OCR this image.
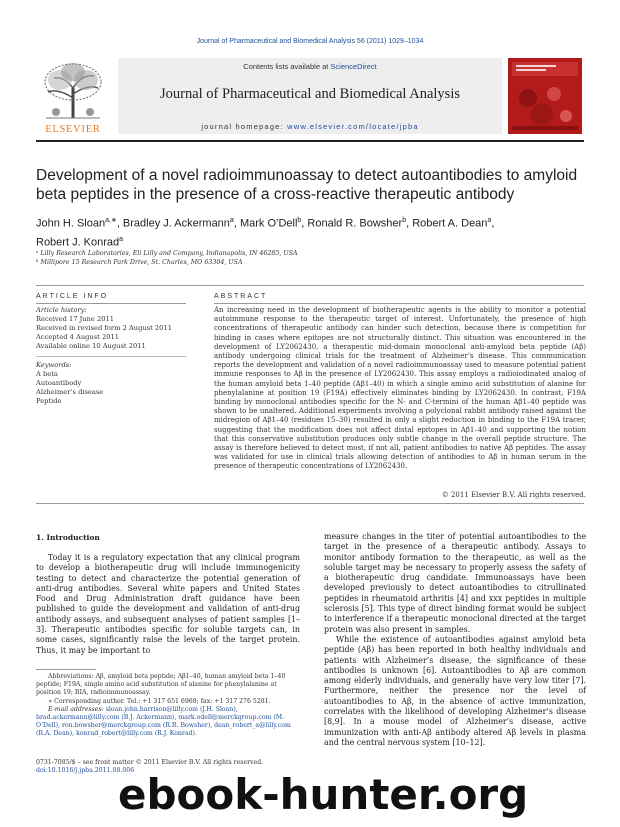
Journal of Pharmaceutical and Biomedical Analysis 56 (2011) 1029–1034
ELSEVIER
Contents lists available at ScienceDirect
Journal of Pharmaceutical and Biomedical Analysis
journal homepage: www.elsevier.com/locate/jpba
Development of a novel radioimmunoassay to detect autoantibodies to amyloid beta peptides in the presence of a cross-reactive therapeutic antibody
John H. Sloan$^{a,∗}$, Bradley J. Ackermann$^a$, Mark O’Dell$^b$, Ronald R. Bowsher$^b$, Robert A. Dean$^a$,
Robert J. Konrad$^a$
ᵃ Lilly Research Laboratories, Eli Lilly and Company, Indianapolis, IN 46285, USA
ᵇ Millipore 15 Research Park Drive, St. Charles, MO 63304, USA
ARTICLE INFO	ABSTRACT
Article history:
Received 17 June 2011
Received in revised form 2 August 2011
Accepted 4 August 2011
Available online 10 August 2011
Keywords:
A beta
Autoantibody
Alzheimer’s disease
Peptide
An increasing need in the development of biotherapeutic agents is the ability to monitor a potential autoimmune response to the therapeutic target of interest. Unfortunately, the presence of high concentrations of therapeutic antibody can hinder such detection, because there is competition for binding in cases where epitopes are not structurally distinct. This situation was encountered in the development of LY2062430, a therapeutic mid-domain monoclonal anti-amyloid beta peptide (Aβ) antibody undergoing clinical trials for the treatment of Alzheimer’s disease. This communication reports the development and validation of a novel radioimmunoassay used to measure potential patient immune responses to Aβ in the presence of LY2062430. This assay employs a radioiodinated analog of the human amyloid beta 1–40 peptide (Aβ1–40) in which a single amino acid substitution of alanine for phenylalanine at position 19 (F19A) effectively eliminates binding by LY2062430. In contrast, F19A binding by monoclonal antibodies specific for the N- and C-termini of the human Aβ1–40 peptide was shown to be unaltered. Additional experiments involving a polyclonal rabbit antibody raised against the midregion of Aβ1–40 (residues 15–30) resulted in only a slight reduction in binding to the F19A tracer, suggesting that the modification does not affect distal epitopes in Aβ1–40 and supporting the notion that this conservative substitution produces only subtle change in the overall peptide structure. The assay is therefore believed to detect most, if not all, patient antibodies to native Aβ peptides. The assay was validated for use in clinical trials allowing detection of antibodies to Aβ in human serum in the presence of therapeutic concentrations of LY2062430.
© 2011 Elsevier B.V. All rights reserved.
1. Introduction

Today it is a regulatory expectation that any clinical program to develop a biotherapeutic drug will include immunogenicity testing to detect and characterize the potential generation of anti-drug antibodies. Several white papers and United States Food and Drug Administration draft guidance have been published to guide the development and validation of anti-drug antibody assays, and subsequent analyses of patient samples [1–3]. Therapeutic antibodies specific for soluble targets can, in some cases, significantly raise the levels of the target protein. Thus, it may be important to

measure changes in the titer of potential autoantibodies to the target in the presence of a therapeutic antibody. Assays to monitor antibody formation to the therapeutic, as well as the soluble target may be necessary to properly assess the safety of a biotherapeutic drug candidate. Immunoassays have been developed previously to detect autoantibodies to citrullinated peptides in rheumatoid arthritis [4] and xxx peptides in multiple sclerosis [5]. This type of direct binding format would be subject to interference if a therapeutic monoclonal directed at the target protein was also present in samples.

While the existence of autoantibodies against amyloid beta peptide (Aβ) has been reported in both healthy individuals and patients with Alzheimer’s disease, the significance of these antibodies is unknown [6]. Autoantibodies to Aβ are common among elderly individuals, and generally have very low titer [7]. Furthermore, neither the presence nor the level of autoantibodies to Aβ, in the absence of active immunization, correlates with the likelihood of developing Alzheimer’s disease [8,9]. In a mouse model of Alzheimer’s disease, active immunization with anti-Aβ antibody altered Aβ levels in plasma and the central nervous system [10–12].

Abbreviations: Aβ, amyloid beta peptide; Aβ1–40, human amyloid beta 1–40 peptide; F19A, single amino acid substitution of alanine for phenylalanine at position 19; RIA, radioimmunoassay.

∗ Corresponding author. Tel.: +1 317 651 6968; fax: +1 317 276 5281.

E-mail addresses: sloan.john.harrison@lilly.com (J.H. Sloan), brad.ackermann@lilly.com (B.J. Ackermann), mark.odell@merckgroup.com (M. O’Dell), ron.bowsher@merckgroup.com (R.R. Bowsher), dean_robert_a@lilly.com (R.A. Dean), konrad_robert@lilly.com (R.J. Konrad).

0731-7085/$ – see front matter © 2011 Elsevier B.V. All rights reserved.
doi:10.1016/j.jpba.2011.08.006
ebook-hunter.org
